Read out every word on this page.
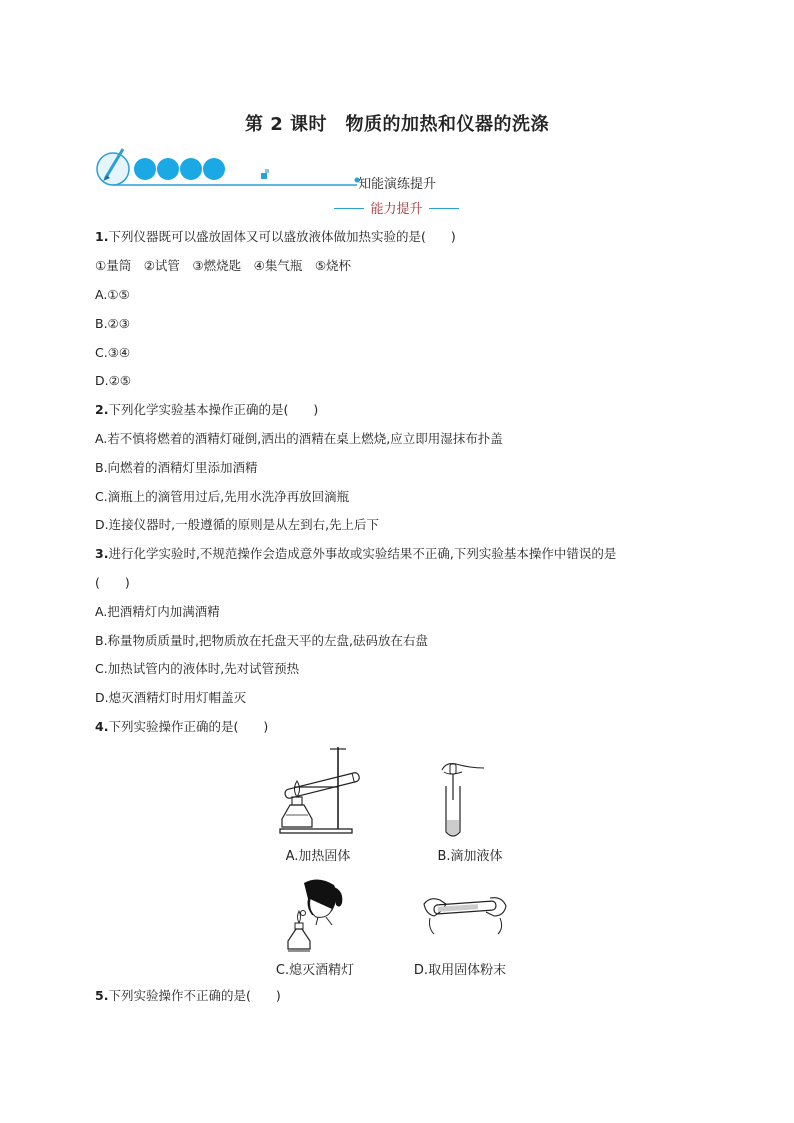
第 2 课时　物质的加热和仪器的洗涤
知能演练提升
能力提升
1.下列仪器既可以盛放固体又可以盛放液体做加热实验的是(　　)
①量筒　②试管　③燃烧匙　④集气瓶　⑤烧杯
A.①⑤
B.②③
C.③④
D.②⑤
2.下列化学实验基本操作正确的是(　　)
A.若不慎将燃着的酒精灯碰倒,洒出的酒精在桌上燃烧,应立即用湿抹布扑盖
B.向燃着的酒精灯里添加酒精
C.滴瓶上的滴管用过后,先用水洗净再放回滴瓶
D.连接仪器时,一般遵循的原则是从左到右,先上后下
3.进行化学实验时,不规范操作会造成意外事故或实验结果不正确,下列实验基本操作中错误的是
(　　)
A.把酒精灯内加满酒精
B.称量物质质量时,把物质放在托盘天平的左盘,砝码放在右盘
C.加热试管内的液体时,先对试管预热
D.熄灭酒精灯时用灯帽盖灭
4.下列实验操作正确的是(　　)
A.加热固体	B.滴加液体
C.熄灭酒精灯	D.取用固体粉末
5.下列实验操作不正确的是(　　)
